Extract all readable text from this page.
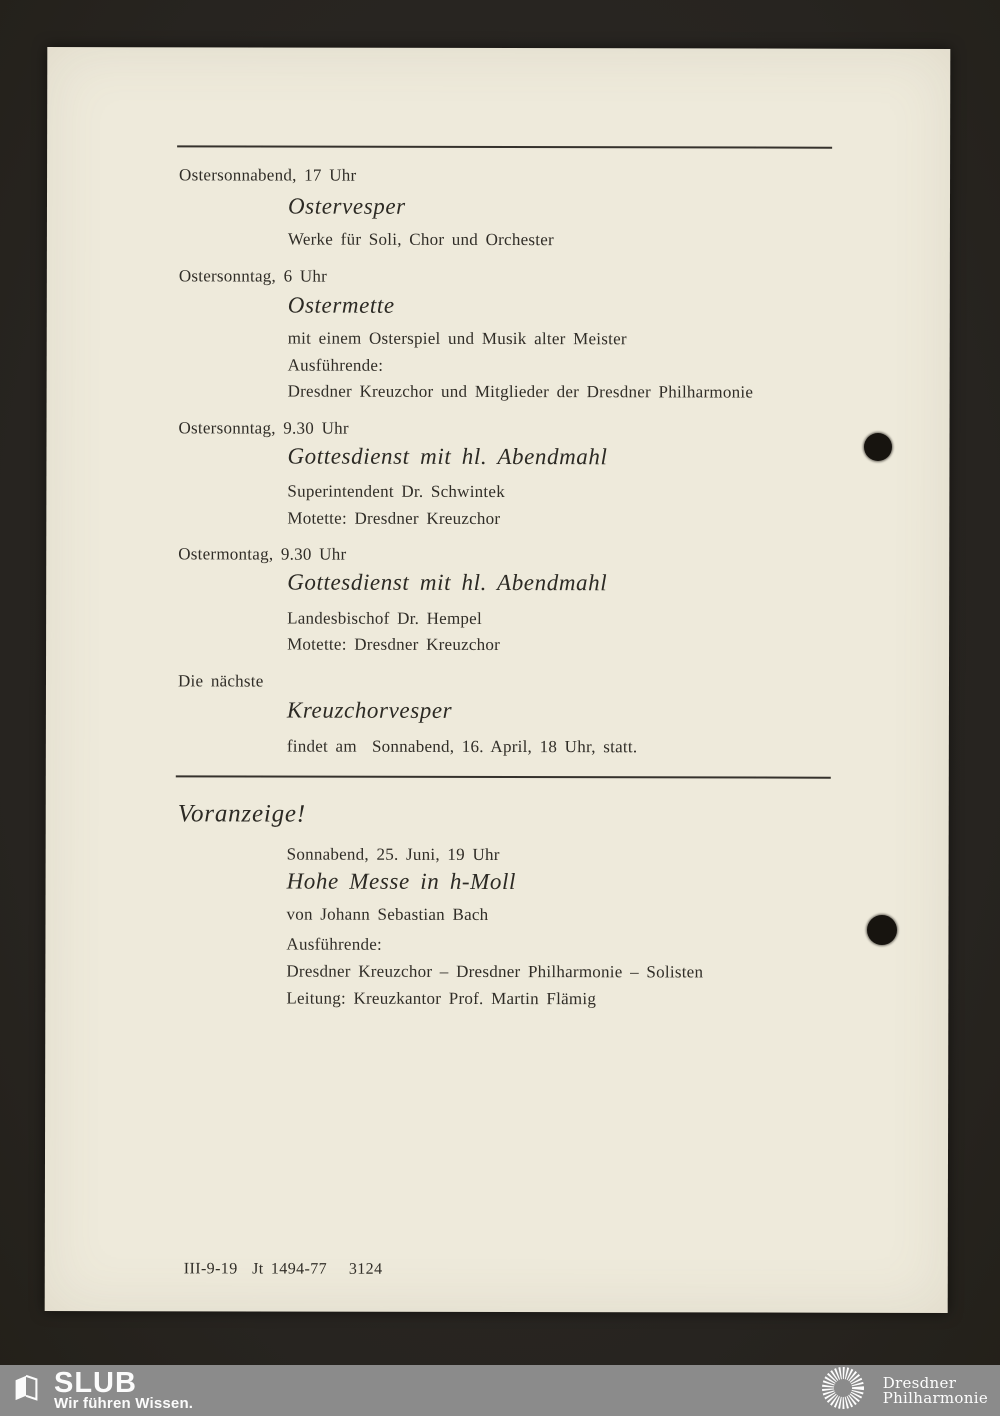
Ostersonnabend, 17 Uhr
Ostervesper
Werke für Soli, Chor und Orchester
Ostersonntag, 6 Uhr
Ostermette
mit einem Osterspiel und Musik alter Meister
Ausführende:
Dresdner Kreuzchor und Mitglieder der Dresdner Philharmonie
Ostersonntag, 9.30 Uhr
Gottesdienst mit hl. Abendmahl
Superintendent Dr. Schwintek
Motette: Dresdner Kreuzchor
Ostermontag, 9.30 Uhr
Gottesdienst mit hl. Abendmahl
Landesbischof Dr. Hempel
Motette: Dresdner Kreuzchor
Die nächste
Kreuzchorvesper
findet am  Sonnabend, 16. April, 18 Uhr, statt.
Voranzeige!
Sonnabend, 25. Juni, 19 Uhr
Hohe Messe in h-Moll
von Johann Sebastian Bach
Ausführende:
Dresdner Kreuzchor – Dresdner Philharmonie – Solisten
Leitung: Kreuzkantor Prof. Martin Flämig
III-9-19  Jt 1494-77   3124
SLUB
Wir führen Wissen.
Dresdner
Philharmonie
